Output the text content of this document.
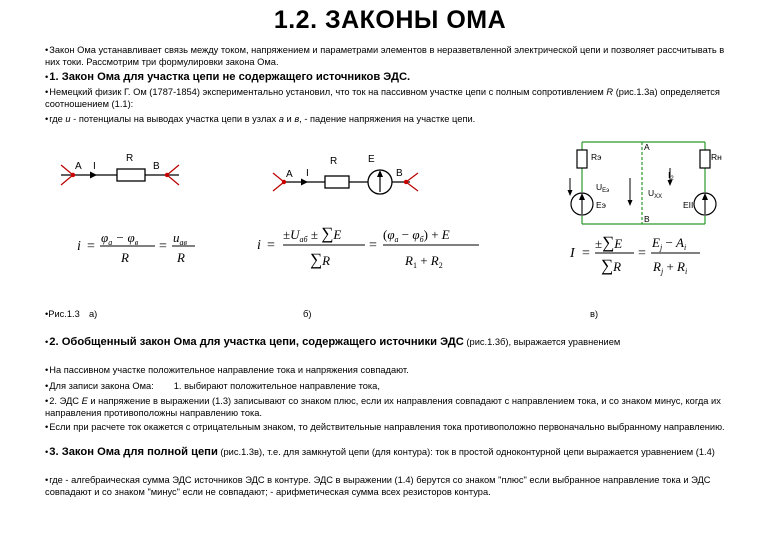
1.2. ЗАКОНЫ ОМА
•Закон Ома устанавливает связь между током, напряжением и параметрами элементов в неразветвленной электрической цепи и позволяет рассчитывать в них токи. Рассмотрим три формулировки закона Ома.
•1. Закон Ома для участка цепи не содержащего источников ЭДС.
•Немецкий физик Г. Ом (1787-1854) экспериментально установил, что ток на пассивном участке цепи с полным сопротивлением R (рис.1.3а) определяется соотношением (1.1):
•где u - потенциалы на выводах участка цепи в узлах а и в, - падение напряжения на участке цепи.
A I
R
B
A I
R	E
B
Rэ	Rн
A
B
$I_2$
$U_{Еэ}$	$U_{XX}$
Еэ	ЕІІ
i =
$\varphi_a - \varphi_в$
R
=
$u_{ав}$
R
i =
$\pm U_{аб} \pm \sum E$
∑R
=
$(\varphi_а - \varphi_б) + E$
$R_1 + R_2$
I =
±∑E
∑R
=
$E_j - А_i$
$R_j + R_i$
•Рис.1.3 а)	б)	в)
•2. Обобщенный закон Ома для участка цепи, содержащего источники ЭДС (рис.1.3б), выражается уравнением
•На пассивном участке положительное направление тока и напряжения совпадают.
•Для записи закона Ома: 1. выбирают положительное направление тока,
•2. ЭДС E и напряжение в выражении (1.3) записывают со знаком плюс, если их направления совпадают с направлением тока, и со знаком минус, когда их направления противоположны направлению тока.
•Если при расчете ток окажется с отрицательным знаком, то действительные направления тока противоположно первоначально выбранному направлению.
•3. Закон Ома для полной цепи (рис.1.3в), т.е. для замкнутой цепи (для контура): ток в простой одноконтурной цепи выражается уравнением (1.4)
•где - алгебраическая сумма ЭДС источников ЭДС в контуре. ЭДС в выражении (1.4) берутся со знаком "плюс" если выбранное направление тока и ЭДС совпадают и со знаком "минус" если не совпадают; - арифметическая сумма всех резисторов контура.
